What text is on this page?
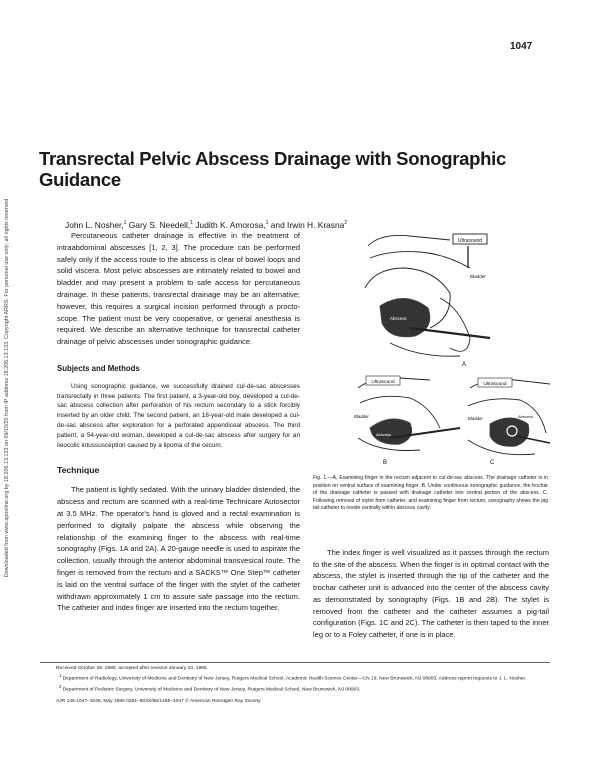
Downloaded from www.ajronline.org by 18.206.13.133 on 09/15/20 from IP address 18.206.13.133. Copyright ARRS. For personal use only; all rights reserved
1047
Transrectal Pelvic Abscess Drainage with Sonographic Guidance
John L. Nosher,$^1$ Gary S. Needell,$^1$ Judith K. Amorosa,$^1$ and Irwin H. Krasna$^2$

Percutaneous catheter drainage is effective in the treatment of intraabdominal abscesses [1, 2, 3]. The procedure can be performed safely only if the access route to the abscess is clear of bowel loops and solid viscera. Most pelvic abscesses are intimately related to bowel and bladder and may present a problem to safe access for percutaneous drainage. In these patients, transrectal drainage may be an alternative; however, this requires a surgical incision performed through a procto-scope. The patient must be very cooperative, or general anesthesia is required. We describe an alternative technique for transrectal catheter drainage of pelvic abscesses under sonographic guidance.

Subjects and Methods

Using sonographic guidance, we successfully drained cul-de-sac abscesses transrectally in three patients. The first patient, a 3-year-old boy, developed a cul-de-sac abscess collection after perforation of his rectum secondary to a stick forcibly inserted by an older child. The second patient, an 18-year-old male developed a cul-de-sac abscess after exploration for a perforated appendiceal abscess. The third patient, a 54-year-old woman, developed a cul-de-sac abscess after surgery for an ileocolic intussusception caused by a lipoma of the cecum.

Technique

The patient is lightly sedated. With the urinary bladder distended, the abscess and rectum are scanned with a real-time Technicare Autosector at 3.5 MHz. The operator's hand is gloved and a rectal examination is performed to digitally palpate the abscess while observing the relationship of the examining finger to the abscess with real-time sonography (Figs. 1A and 2A). A 20-gauge needle is used to aspirate the collection, usually through the anterior abdominal transvesical route. The finger is removed from the rectum and a SACKS™ One Step™ catheter is laid on the ventral surface of the finger with the stylet of the catheter withdrawn approximately 1 cm to assure safe passage into the rectum. The catheter and index finger are inserted into the rectum together.

Ultrasound
Bladder
Abscess
A
Ultrasound
Bladder
Abscess
B
Ultrasound
Bladder	Abscess
C
Fig. 1.—A, Examining finger in the rectum adjacent to cul-de-sac abscess. The drainage catheter is in position on ventral surface of examining finger. B, Under continuous sonographic guidance, the trochar of the drainage catheter is passed with drainage catheter into central portion of the abscess. C, Following removal of stylet from catheter, and examining finger from rectum, sonography shows the pig tail catheter to reside centrally within abscess cavity.

The index finger is well visualized as it passes through the rectum to the site of the abscess. When the finger is in optimal contact with the abscess, the stylet is inserted through the tip of the catheter and the trochar catheter unit is advanced into the center of the abscess cavity as demonstrated by sonography (Figs. 1B and 2B). The stylet is removed from the catheter and the catheter assumes a pig-tail configuration (Figs. 1C and 2C). The catheter is then taped to the inner leg or to a Foley catheter, if one is in place.

Received October 28, 1985; accepted after revision January 23, 1986.
$^1$ Department of Radiology, University of Medicine and Dentistry of New Jersey, Rutgers Medical School, Academic Health Science Center—CN 19, New Brunswick, NJ 08903. Address reprint requests to J. L. Nosher.
$^2$ Department of Pediatric Surgery, University of Medicine and Dentistry of New Jersey, Rutgers Medical School, New Brunswick, NJ 08903.
AJR 146:1047–1048, May 1986 0361–803X/86/1465–1047 © American Roentgen Ray Society
